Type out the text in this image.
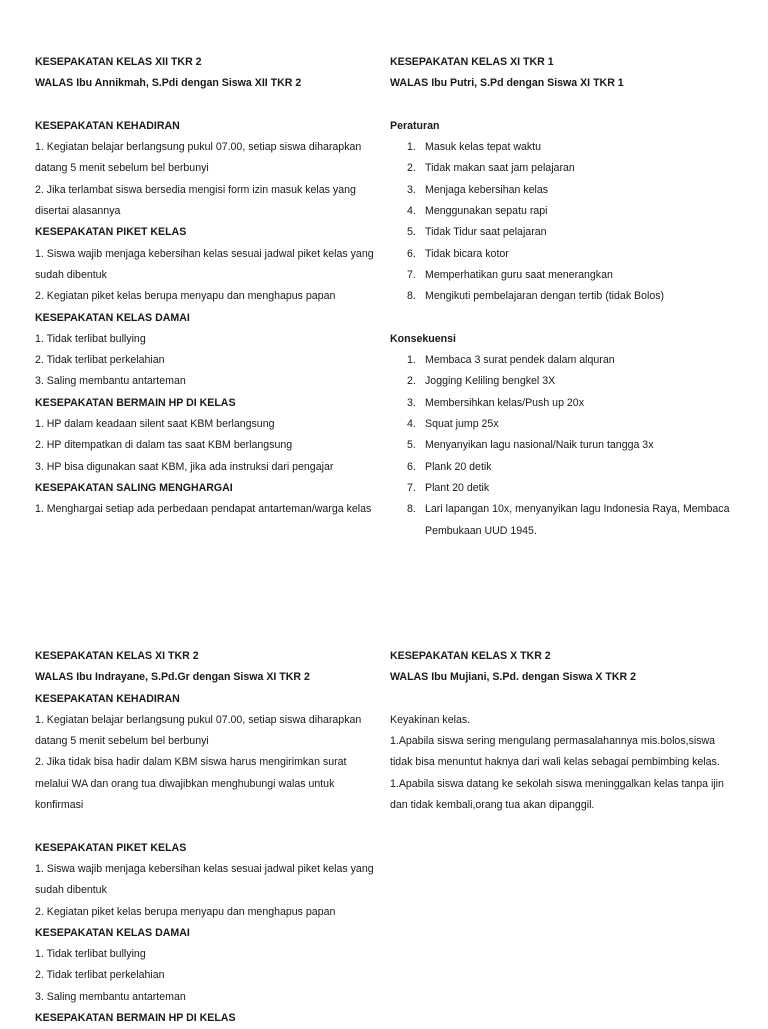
KESEPAKATAN KELAS XII TKR 2
WALAS Ibu Annikmah, S.Pdi dengan Siswa XII TKR 2
KESEPAKATAN KEHADIRAN
1. Kegiatan belajar berlangsung pukul 07.00, setiap siswa diharapkan
datang 5 menit sebelum bel berbunyi
2. Jika terlambat siswa bersedia mengisi form izin masuk kelas yang
disertai alasannya
KESEPAKATAN PIKET KELAS
1. Siswa wajib menjaga kebersihan kelas sesuai jadwal piket kelas yang
sudah dibentuk
2. Kegiatan piket kelas berupa menyapu dan menghapus papan
KESEPAKATAN KELAS DAMAI
1. Tidak terlibat bullying
2. Tidak terlibat perkelahian
3. Saling membantu antarteman
KESEPAKATAN BERMAIN HP DI KELAS
1. HP dalam keadaan silent saat KBM berlangsung
2. HP ditempatkan di dalam tas saat KBM berlangsung
3. HP bisa digunakan saat KBM, jika ada instruksi dari pengajar
KESEPAKATAN SALING MENGHARGAI
1. Menghargai setiap ada perbedaan pendapat antarteman/warga kelas
KESEPAKATAN KELAS XI TKR 1
WALAS Ibu Putri, S.Pd dengan Siswa XI TKR 1
Peraturan
1. Masuk kelas tepat waktu
2. Tidak makan saat jam pelajaran
3. Menjaga kebersihan kelas
4. Menggunakan sepatu rapi
5. Tidak Tidur saat pelajaran
6. Tidak bicara kotor
7. Memperhatikan guru saat menerangkan
8. Mengikuti pembelajaran dengan tertib (tidak Bolos)
Konsekuensi
1. Membaca 3 surat pendek dalam alquran
2. Jogging Keliling bengkel 3X
3. Membersihkan kelas/Push up 20x
4. Squat jump 25x
5. Menyanyikan lagu nasional/Naik turun tangga 3x
6. Plank 20 detik
7. Plant 20 detik
8. Lari lapangan 10x, menyanyikan lagu Indonesia Raya, Membaca
Pembukaan UUD 1945.
KESEPAKATAN KELAS XI TKR 2
WALAS Ibu Indrayane, S.Pd.Gr dengan Siswa XI TKR 2
KESEPAKATAN KEHADIRAN
1. Kegiatan belajar berlangsung pukul 07.00, setiap siswa diharapkan
datang 5 menit sebelum bel berbunyi
2. Jika tidak bisa hadir dalam KBM siswa harus mengirimkan surat
melalui WA dan orang tua diwajibkan menghubungi walas untuk
konfirmasi
KESEPAKATAN PIKET KELAS
1. Siswa wajib menjaga kebersihan kelas sesuai jadwal piket kelas yang
sudah dibentuk
2. Kegiatan piket kelas berupa menyapu dan menghapus papan
KESEPAKATAN KELAS DAMAI
1. Tidak terlibat bullying
2. Tidak terlibat perkelahian
3. Saling membantu antarteman
KESEPAKATAN BERMAIN HP DI KELAS
KESEPAKATAN KELAS X TKR 2
WALAS Ibu Mujiani, S.Pd. dengan Siswa X TKR 2
Keyakinan kelas.
1.Apabila siswa sering mengulang permasalahannya mis.bolos,siswa
tidak bisa menuntut haknya dari wali kelas sebagai pembimbing kelas.
1.Apabila siswa datang ke sekolah siswa meninggalkan kelas tanpa ijin
dan tidak kembali,orang tua akan dipanggil.
